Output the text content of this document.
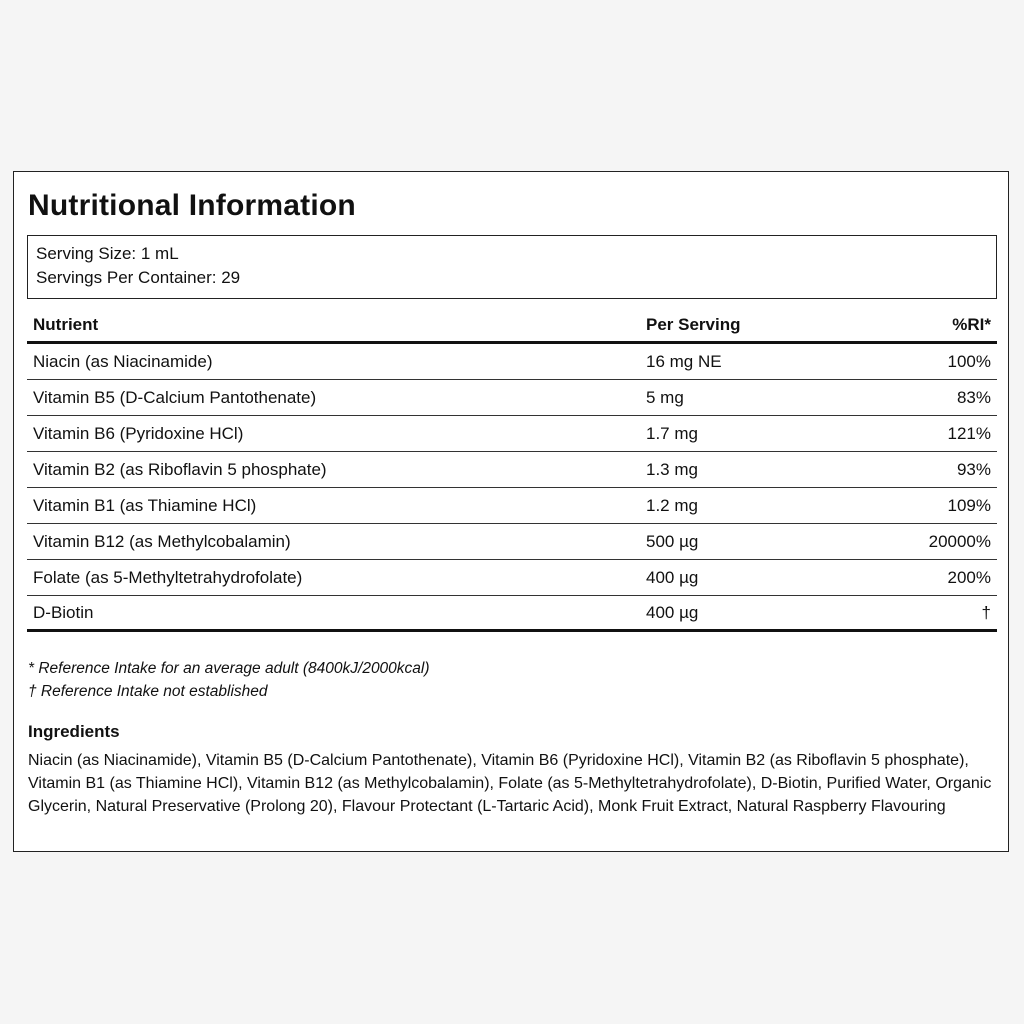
Nutritional Information
Serving Size: 1 mL
Servings Per Container: 29
Nutrient	Per Serving	%RI*
Niacin (as Niacinamide)	16 mg NE	100%
Vitamin B5 (D-Calcium Pantothenate)	5 mg	83%
Vitamin B6 (Pyridoxine HCl)	1.7 mg	121%
Vitamin B2 (as Riboflavin 5 phosphate)	1.3 mg	93%
Vitamin B1 (as Thiamine HCl)	1.2 mg	109%
Vitamin B12 (as Methylcobalamin)	500 µg	20000%
Folate (as 5-Methyltetrahydrofolate)	400 µg	200%
D-Biotin	400 µg	†
* Reference Intake for an average adult (8400kJ/2000kcal)
† Reference Intake not established
Ingredients
Niacin (as Niacinamide), Vitamin B5 (D-Calcium Pantothenate), Vitamin B6 (Pyridoxine HCl), Vitamin B2 (as Riboflavin 5 phosphate), Vitamin B1 (as Thiamine HCl), Vitamin B12 (as Methylcobalamin), Folate (as 5-Methyltetrahydrofolate), D-Biotin, Purified Water, Organic Glycerin, Natural Preservative (Prolong 20), Flavour Protectant (L-Tartaric Acid), Monk Fruit Extract, Natural Raspberry Flavouring
